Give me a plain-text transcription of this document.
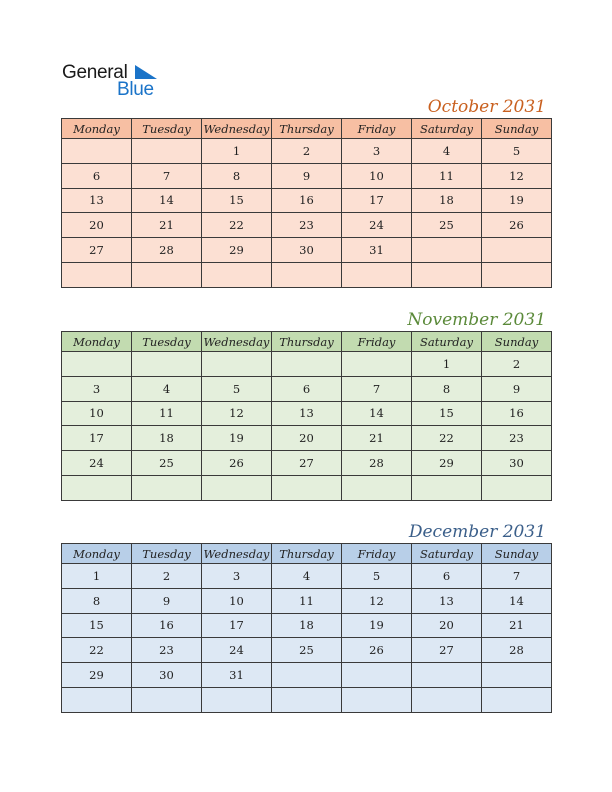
General
Blue
October 2031
Monday	Tuesday	Wednesday	Thursday	Friday	Saturday	Sunday
		1	2	3	4	5
6	7	8	9	10	11	12
13	14	15	16	17	18	19
20	21	22	23	24	25	26
27	28	29	30	31		

November 2031
Monday	Tuesday	Wednesday	Thursday	Friday	Saturday	Sunday
					1	2
3	4	5	6	7	8	9
10	11	12	13	14	15	16
17	18	19	20	21	22	23
24	25	26	27	28	29	30

December 2031
Monday	Tuesday	Wednesday	Thursday	Friday	Saturday	Sunday
1	2	3	4	5	6	7
8	9	10	11	12	13	14
15	16	17	18	19	20	21
22	23	24	25	26	27	28
29	30	31				
